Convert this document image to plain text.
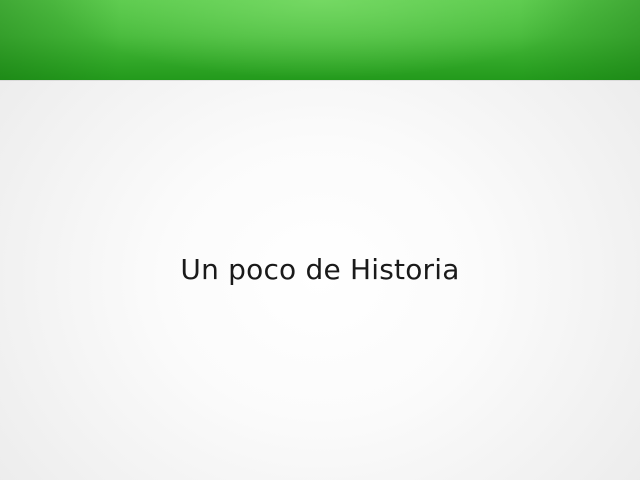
Un poco de Historia
